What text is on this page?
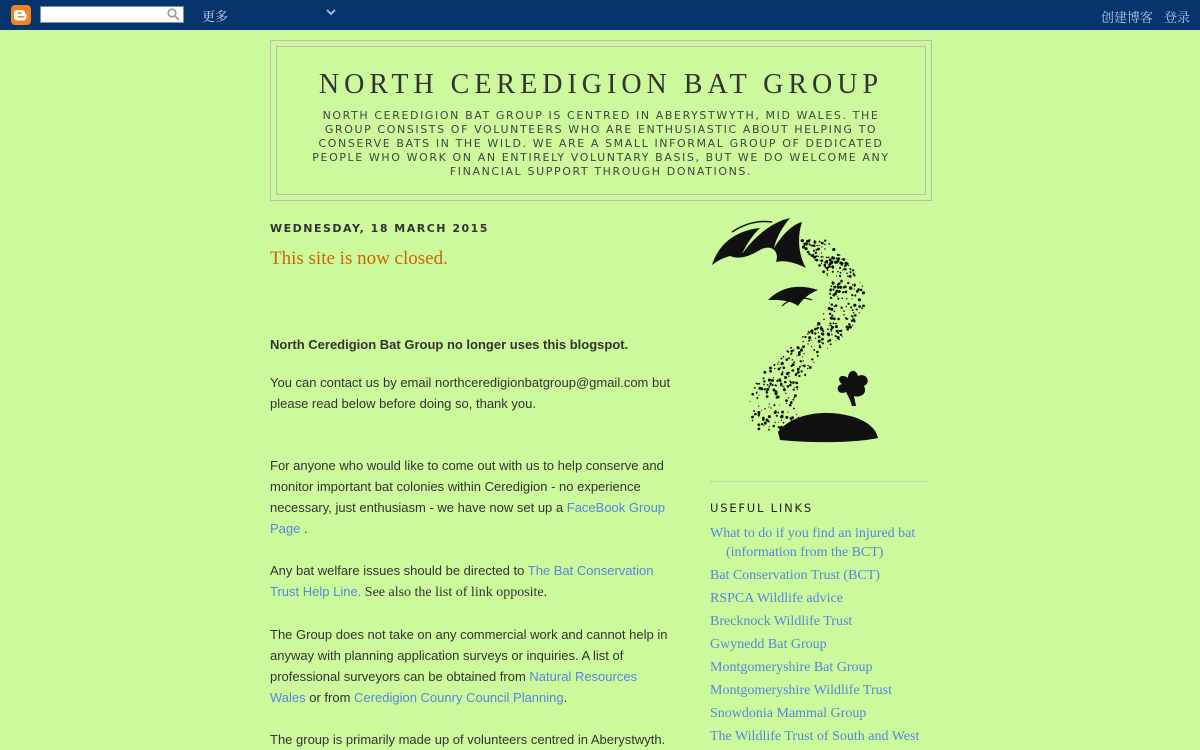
更多	创建博客 登录
NORTH CEREDIGION BAT GROUP
NORTH CEREDIGION BAT GROUP IS CENTRED IN ABERYSTWYTH, MID WALES. THE GROUP CONSISTS OF VOLUNTEERS WHO ARE ENTHUSIASTIC ABOUT HELPING TO CONSERVE BATS IN THE WILD. WE ARE A SMALL INFORMAL GROUP OF DEDICATED PEOPLE WHO WORK ON AN ENTIRELY VOLUNTARY BASIS, BUT WE DO WELCOME ANY FINANCIAL SUPPORT THROUGH DONATIONS.
WEDNESDAY, 18 MARCH 2015
This site is now closed.

North Ceredigion Bat Group no longer uses this blogspot.

You can contact us by email northceredigionbatgroup@gmail.com but please read below before doing so, thank you.

For anyone who would like to come out with us to help conserve and monitor important bat colonies within Ceredigion - no experience necessary, just enthusiasm - we have now set up a FaceBook Group Page .

Any bat welfare issues should be directed to The Bat Conservation Trust Help Line. See also the list of link opposite.

The Group does not take on any commercial work and cannot help in anyway with planning application surveys or inquiries. A list of professional surveyors can be obtained from Natural Resources Wales or from Ceredigion Counry Council Planning.

The group is primarily made up of volunteers centred in Aberystwyth.

USEFUL LINKS
What to do if you find an injured bat (information from the BCT)
Bat Conservation Trust (BCT)
RSPCA Wildlife advice
Brecknock Wildlife Trust
Gwynedd Bat Group
Montgomeryshire Bat Group
Montgomeryshire Wildlife Trust
Snowdonia Mammal Group
The Wildlife Trust of South and West
